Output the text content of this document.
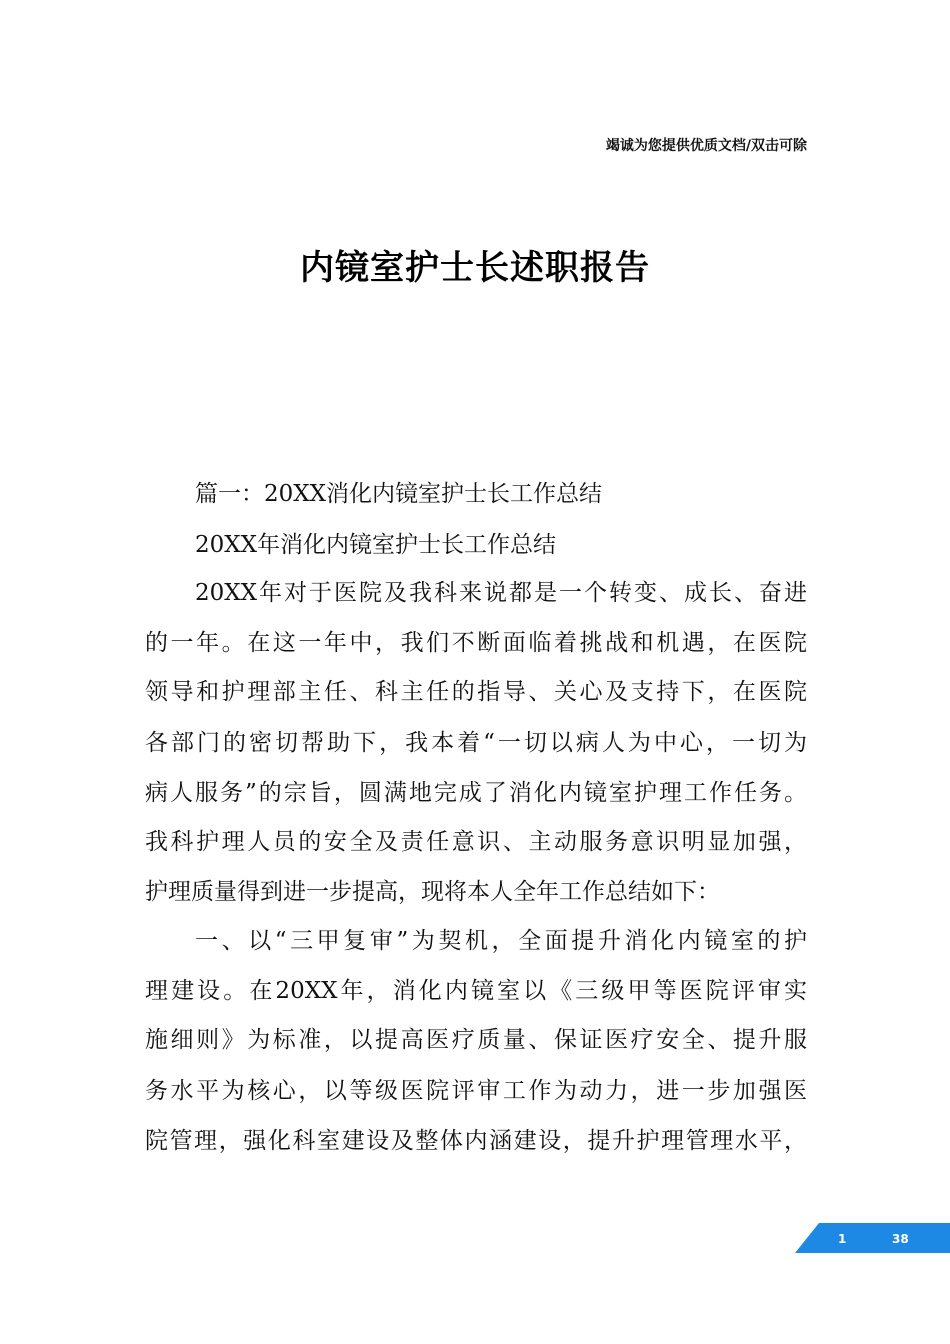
竭诚为您提供优质文档/双击可除
内镜室护士长述职报告
篇一：20XX消化内镜室护士长工作总结
20XX年消化内镜室护士长工作总结
20XX年对于医院及我科来说都是一个转变、成长、奋进
的一年。在这一年中，我们不断面临着挑战和机遇，在医院
领导和护理部主任、科主任的指导、关心及支持下，在医院
各部门的密切帮助下，我本着“一切以病人为中心，一切为
病人服务”的宗旨，圆满地完成了消化内镜室护理工作任务。
我科护理人员的安全及责任意识、主动服务意识明显加强，
护理质量得到进一步提高，现将本人全年工作总结如下：
一、以“三甲复审”为契机，全面提升消化内镜室的护
理建设。在20XX年，消化内镜室以《三级甲等医院评审实
施细则》为标准，以提高医疗质量、保证医疗安全、提升服
务水平为核心，以等级医院评审工作为动力，进一步加强医
院管理，强化科室建设及整体内涵建设，提升护理管理水平，
1	38
